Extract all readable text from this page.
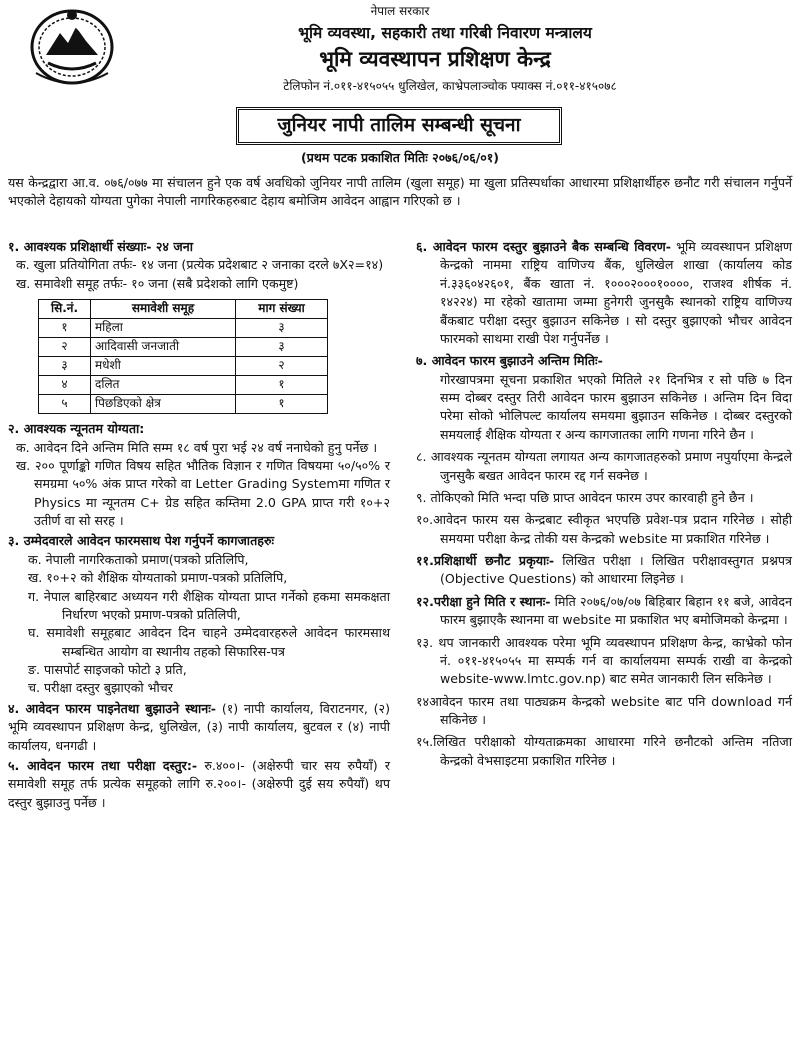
नेपाल सरकार
भूमि व्यवस्था, सहकारी तथा गरिबी निवारण मन्त्रालय
भूमि व्यवस्थापन प्रशिक्षण केन्द्र
टेलिफोन नं.०११-४१५०५५ धुलिखेल, काभ्रेपलाञ्चोक फ्याक्स नं.०११-४१५०७८
जुनियर नापी तालिम सम्बन्धी सूचना
(प्रथम पटक प्रकाशित मितिः २०७६/०६/०१)
यस केन्द्रद्वारा आ.व. ०७६/०७७ मा संचालन हुने एक वर्ष अवधिको जुनियर नापी तालिम (खुला समूह) मा खुला प्रतिस्पर्धाका आधारमा प्रशिक्षार्थीहरु छनौट गरी संचालन गर्नुपर्ने भएकोले देहायको योग्यता पुगेका नेपाली नागरिकहरुबाट देहाय बमोजिम आवेदन आह्वान गरिएको छ ।
१. आवश्यक प्रशिक्षार्थी संख्याः- २४ जना
क. खुला प्रतियोगिता तर्फः- १४ जना (प्रत्येक प्रदेशबाट २ जनाका दरले ७X२=१४)
ख. समावेशी समूह तर्फः- १० जना (सबै प्रदेशको लागि एकमुष्ट)
सि.नं.	समावेशी समूह	माग संख्या
१	महिला	३
२	आदिवासी जनजाती	३
३	मधेशी	२
४	दलित	१
५	पिछडिएको क्षेत्र	१
२. आवश्यक न्यूनतम योग्यता:
क. आवेदन दिने अन्तिम मिति सम्म १८ वर्ष पुरा भई २४ वर्ष ननाघेको हुनु पर्नेछ ।
ख. २०० पूर्णाङ्को गणित विषय सहित भौतिक विज्ञान र गणित विषयमा ५०/५०% र समग्रमा ५०% अंक प्राप्त गरेको वा Letter Grading Systemमा गणित र Physics मा न्यूनतम C+ ग्रेड सहित कम्तिमा 2.0 GPA प्राप्त गरी १०+२ उतीर्ण वा सो सरह ।
३. उम्मेदवारले आवेदन फारमसाथ पेश गर्नुपर्ने कागजातहरुः
क. नेपाली नागरिकताको प्रमाण(पत्रको प्रतिलिपि,
ख. १०+२ को शैक्षिक योग्यताको प्रमाण-पत्रको प्रतिलिपि,
ग. नेपाल बाहिरबाट अध्ययन गरी शैक्षिक योग्यता प्राप्त गर्नेको हकमा समकक्षता निर्धारण भएको प्रमाण-पत्रको प्रतिलिपी,
घ. समावेशी समूहबाट आवेदन दिन चाहने उम्मेदवारहरुले आवेदन फारमसाथ सम्बन्धित आयोग वा स्थानीय तहको सिफारिस-पत्र
ङ. पासपोर्ट साइजको फोटो ३ प्रति,
च. परीक्षा दस्तुर बुझाएको भौचर
४. आवेदन फारम पाइनेतथा बुझाउने स्थानः- (१) नापी कार्यालय, विराटनगर, (२) भूमि व्यवस्थापन प्रशिक्षण केन्द्र, धुलिखेल, (३) नापी कार्यालय, बुटवल र (४) नापी कार्यालय, धनगढी ।
५. आवेदन फारम तथा परीक्षा दस्तुर:- रु.४००।- (अक्षेरुपी चार सय रुपैयाँ) र समावेशी समूह तर्फ प्रत्येक समूहको लागि रु.२००।- (अक्षेरुपी दुई सय रुपैयाँ) थप दस्तुर बुझाउनु पर्नेछ ।
६. आवेदन फारम दस्तुर बुझाउने बैक सम्बन्धि विवरण- भूमि व्यवस्थापन प्रशिक्षण केन्द्रको नाममा राष्ट्रिय वाणिज्य बैंक, धुलिखेल शाखा (कार्यालय कोड नं.३३६०४२६०१, बैंक खाता नं. १०००२०००१००००, राजश्व शीर्षक नं. १४२२४) मा रहेको खातामा जम्मा हुनेगरी जुनसुकै स्थानको राष्ट्रिय वाणिज्य बैंकबाट परीक्षा दस्तुर बुझाउन सकिनेछ । सो दस्तुर बुझाएको भौचर आवेदन फारमको साथमा राखी पेश गर्नुपर्नेछ ।
७. आवेदन फारम बुझाउने अन्तिम मितिः-
गोरखापत्रमा सूचना प्रकाशित भएको मितिले २१ दिनभित्र र सो पछि ७ दिन सम्म दोब्बर दस्तुर तिरी आवेदन फारम बुझाउन सकिनेछ । अन्तिम दिन विदा परेमा सोको भोलिपल्ट कार्यालय समयमा बुझाउन सकिनेछ । दोब्बर दस्तुरको समयलाई शैक्षिक योग्यता र अन्य कागजातका लागि गणना गरिने छैन ।
८. आवश्यक न्यूनतम योग्यता लगायत अन्य कागजातहरुको प्रमाण नपुर्याएमा केन्द्रले जुनसुकै बखत आवेदन फारम रद्द गर्न सक्नेछ ।
९. तोकिएको मिति भन्दा पछि प्राप्त आवेदन फारम उपर कारवाही हुने छैन ।
१०.आवेदन फारम यस केन्द्रबाट स्वीकृत भएपछि प्रवेश-पत्र प्रदान गरिनेछ । सोही समयमा परीक्षा केन्द्र तोकी यस केन्द्रको website मा प्रकाशित गरिनेछ ।
११.प्रशिक्षार्थी छनौट प्रकृयाः- लिखित परीक्षा । लिखित परीक्षावस्तुगत प्रश्नपत्र (Objective Questions) को आधारमा लिइनेछ ।
१२.परीक्षा हुने मिति र स्थानः- मिति २०७६/०७/०७ बिहिबार बिहान ११ बजे, आवेदन फारम बुझाएकै स्थानमा वा website मा प्रकाशित भए बमोजिमको केन्द्रमा ।
१३. थप जानकारी आवश्यक परेमा भूमि व्यवस्थापन प्रशिक्षण केन्द्र, काभ्रेको फोन नं. ०११-४१५०५५ मा सम्पर्क गर्न वा कार्यालयमा सम्पर्क राखी वा केन्द्रको website-www.lmtc.gov.np) बाट समेत जानकारी लिन सकिनेछ ।
१४आवेदन फारम तथा पाठ्यक्रम केन्द्रको website बाट पनि download गर्न सकिनेछ ।
१५.लिखित परीक्षाको योग्यताक्रमका आधारमा गरिने छनौटको अन्तिम नतिजा केन्द्रको वेभसाइटमा प्रकाशित गरिनेछ ।
